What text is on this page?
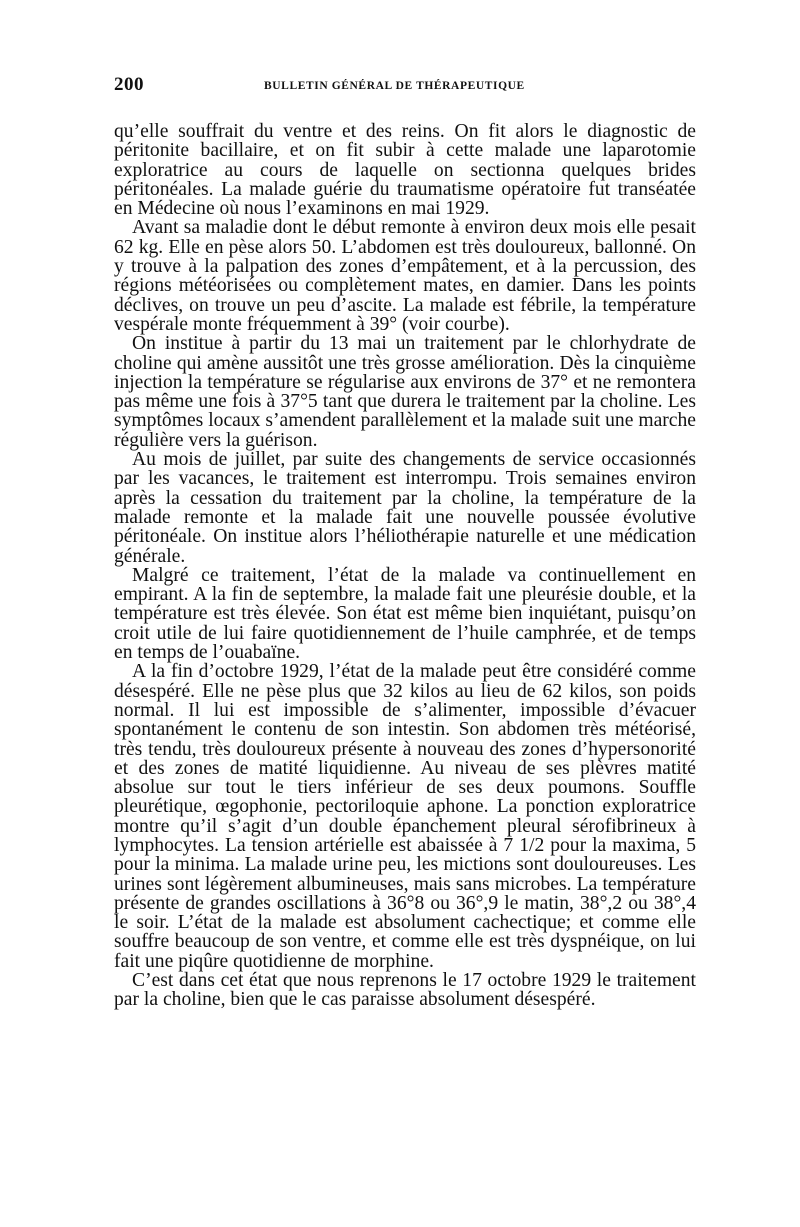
200	BULLETIN GÉNÉRAL DE THÉRAPEUTIQUE

qu’elle souffrait du ventre et des reins. On fit alors le diagnostic de péritonite bacillaire, et on fit subir à cette malade une laparotomie exploratrice au cours de laquelle on sectionna quelques brides péritonéales. La malade guérie du traumatisme opératoire fut transéatée en Médecine où nous l’examinons en mai 1929.

Avant sa maladie dont le début remonte à environ deux mois elle pesait 62 kg. Elle en pèse alors 50. L’abdomen est très douloureux, ballonné. On y trouve à la palpation des zones d’empâtement, et à la percussion, des régions météorisées ou complètement mates, en damier. Dans les points déclives, on trouve un peu d’ascite. La malade est fébrile, la température vespérale monte fréquemment à 39° (voir courbe).

On institue à partir du 13 mai un traitement par le chlorhydrate de choline qui amène aussitôt une très grosse amélioration. Dès la cinquième injection la température se régularise aux environs de 37° et ne remontera pas même une fois à 37°5 tant que durera le traitement par la choline. Les symptômes locaux s’amendent parallèlement et la malade suit une marche régulière vers la guérison.

Au mois de juillet, par suite des changements de service occasionnés par les vacances, le traitement est interrompu. Trois semaines environ après la cessation du traitement par la choline, la température de la malade remonte et la malade fait une nouvelle poussée évolutive péritonéale. On institue alors l’héliothérapie naturelle et une médication générale.

Malgré ce traitement, l’état de la malade va continuellement en empirant. A la fin de septembre, la malade fait une pleurésie double, et la température est très élevée. Son état est même bien inquiétant, puisqu’on croit utile de lui faire quotidiennement de l’huile camphrée, et de temps en temps de l’ouabaïne.

A la fin d’octobre 1929, l’état de la malade peut être considéré comme désespéré. Elle ne pèse plus que 32 kilos au lieu de 62 kilos, son poids normal. Il lui est impossible de s’alimenter, impossible d’évacuer spontanément le contenu de son intestin. Son abdomen très météorisé, très tendu, très douloureux présente à nouveau des zones d’hypersonorité et des zones de matité liquidienne. Au niveau de ses plèvres matité absolue sur tout le tiers inférieur de ses deux poumons. Souffle pleurétique, œgophonie, pectoriloquie aphone. La ponction exploratrice montre qu’il s’agit d’un double épanchement pleural sérofibrineux à lymphocytes. La tension artérielle est abaissée à 7 1/2 pour la maxima, 5 pour la minima. La malade urine peu, les mictions sont douloureuses. Les urines sont légèrement albumineuses, mais sans microbes. La température présente de grandes oscillations à 36°8 ou 36°,9 le matin, 38°,2 ou 38°,4 le soir. L’état de la malade est absolument cachectique; et comme elle souffre beaucoup de son ventre, et comme elle est très dyspnéique, on lui fait une piqûre quotidienne de morphine.

C’est dans cet état que nous reprenons le 17 octobre 1929 le traitement par la choline, bien que le cas paraisse absolument désespéré.
